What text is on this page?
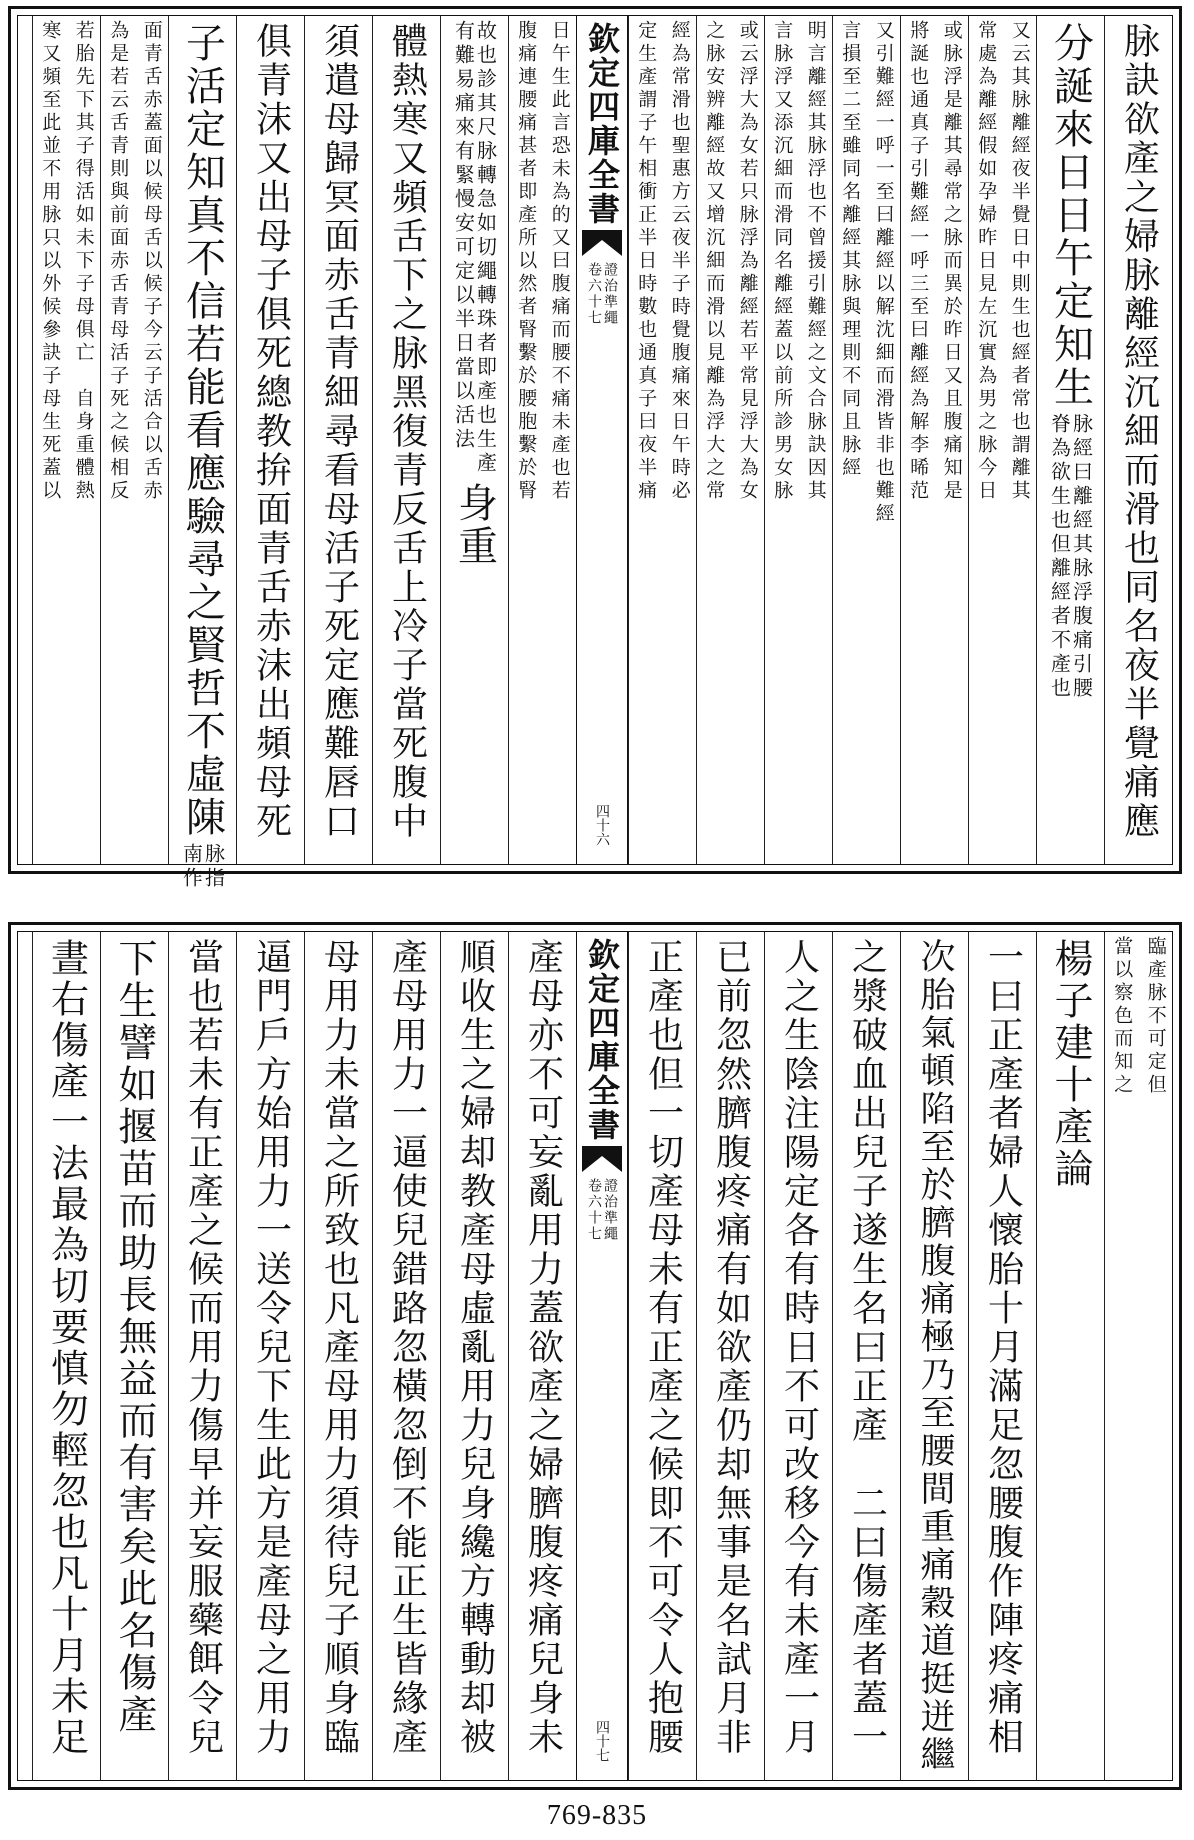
脉訣欲產之婦脉離經沉細而滑也同名夜半覺痛應
分誕來日日午定知生
脉經曰離經其脉浮腹痛引腰
脊為欲生也但離經者不產也
又云其脉離經夜半覺日中則生也經者常也謂離其
常處為離經假如孕婦昨日見左沉實為男之脉今日
或脉浮是離其尋常之脉而異於昨日又且腹痛知是
將誕也通真子引難經一呼三至曰離經為解李晞范
又引難經一呼一至曰離經以解沈細而滑皆非也難經
言損至二至雖同名離經其脉與理則不同且脉經
明言離經其脉浮也不曾援引難經之文合脉訣因其
言脉浮又添沉細而滑同名離經蓋以前所診男女脉
或云浮大為女若只脉浮為離經若平常見浮大為女
之脉安辨離經故又增沉細而滑以見離為浮大之常
經為常滑也聖惠方云夜半子時覺腹痛來日午時必
定生產謂子午相衝正半日時數也通真子曰夜半痛
欽定四庫全書
證治準繩
卷六十七
四十六
日午生此言恐未為的又曰腹痛而腰不痛未產也若
腹痛連腰痛甚者即產所以然者腎繫於腰胞繫於腎
故也診其尺脉轉急如切繩轉珠者即產也生產
有難易痛來有緊慢安可定以半日當以活法
身重
體熱寒又頻舌下之脉黑復青反舌上冷子當死腹中
須遣母歸冥面赤舌青細尋看母活子死定應難唇口
俱青沫又出母子俱死總教拚面青舌赤沫出頻母死
子活定知真不信若能看應驗尋之賢哲不虛陳
脉指
南作
面青舌赤蓋面以候母舌以候子今云子活合以舌赤
為是若云舌青則與前面赤舌青母活子死之候相反
若胎先下其子得活如未下子母俱亡　自身重體熱
寒又頻至此並不用脉只以外候參訣子母生死蓋以
臨產脉不可定但
當以察色而知之
楊子建十產論
一曰正產者婦人懷胎十月滿足忽腰腹作陣疼痛相
次胎氣頓陷至於臍腹痛極乃至腰間重痛穀道挺迸繼
之漿破血出兒子遂生名曰正產　二曰傷產者蓋一
人之生陰注陽定各有時日不可改移今有未產一月
已前忽然臍腹疼痛有如欲產仍却無事是名試月非
正產也但一切產母未有正產之候即不可令人抱腰
欽定四庫全書
證治準繩
卷六十七
四十七
產母亦不可妄亂用力蓋欲產之婦臍腹疼痛兒身未
順收生之婦却教產母虛亂用力兒身纔方轉動却被
產母用力一逼使兒錯路忽橫忽倒不能正生皆緣產
母用力未當之所致也凡產母用力須待兒子順身臨
逼門戶方始用力一送令兒下生此方是產母之用力
當也若未有正產之候而用力傷早并妄服藥餌令兒
下生譬如揠苗而助長無益而有害矣此名傷產
晝右傷產一法最為切要慎勿輕忽也凡十月未足
769-835
